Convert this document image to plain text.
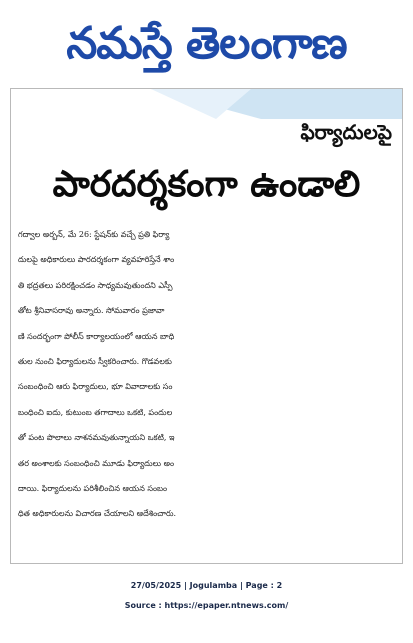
నమస్తే తెలంగాణ
ఫిర్యాదులపై
పారదర్శకంగా ఉండాలి
గద్వాల అర్బన్, మే 26: స్టేషన్‌కు వచ్చే ప్రతి ఫిర్యా
దులపై అధికారులు పారదర్శకంగా వ్యవహరిస్తేనే శాం
తి భద్రతలు పరిరక్షించడం సాధ్యమవుతుందని ఎస్పీ
తోట శ్రీనివాసరావు అన్నారు. సోమవారం ప్రజావా
ణి సందర్భంగా పోలీస్ కార్యాలయంలో ఆయన బాధి
తుల నుంచి ఫిర్యాదులను స్వీకరించారు. గొడవలకు
సంబంధించి ఆరు ఫిర్యాదులు, భూ వివాదాలకు సం
బంధించి ఐదు, కుటుంబ తగాదాలు ఒకటి, పందుల
తో పంట పొలాలు నాశనమవుతున్నాయని ఒకటి, ఇ
తర అంశాలకు సంబంధించి మూడు ఫిర్యాదులు అం
దాయి. ఫిర్యాదులను పరిశీలించిన ఆయన సంబం
ధిత అధికారులను విచారణ చేయాలని ఆదేశించారు.
27/05/2025 | Jogulamba | Page : 2
Source : https://epaper.ntnews.com/
